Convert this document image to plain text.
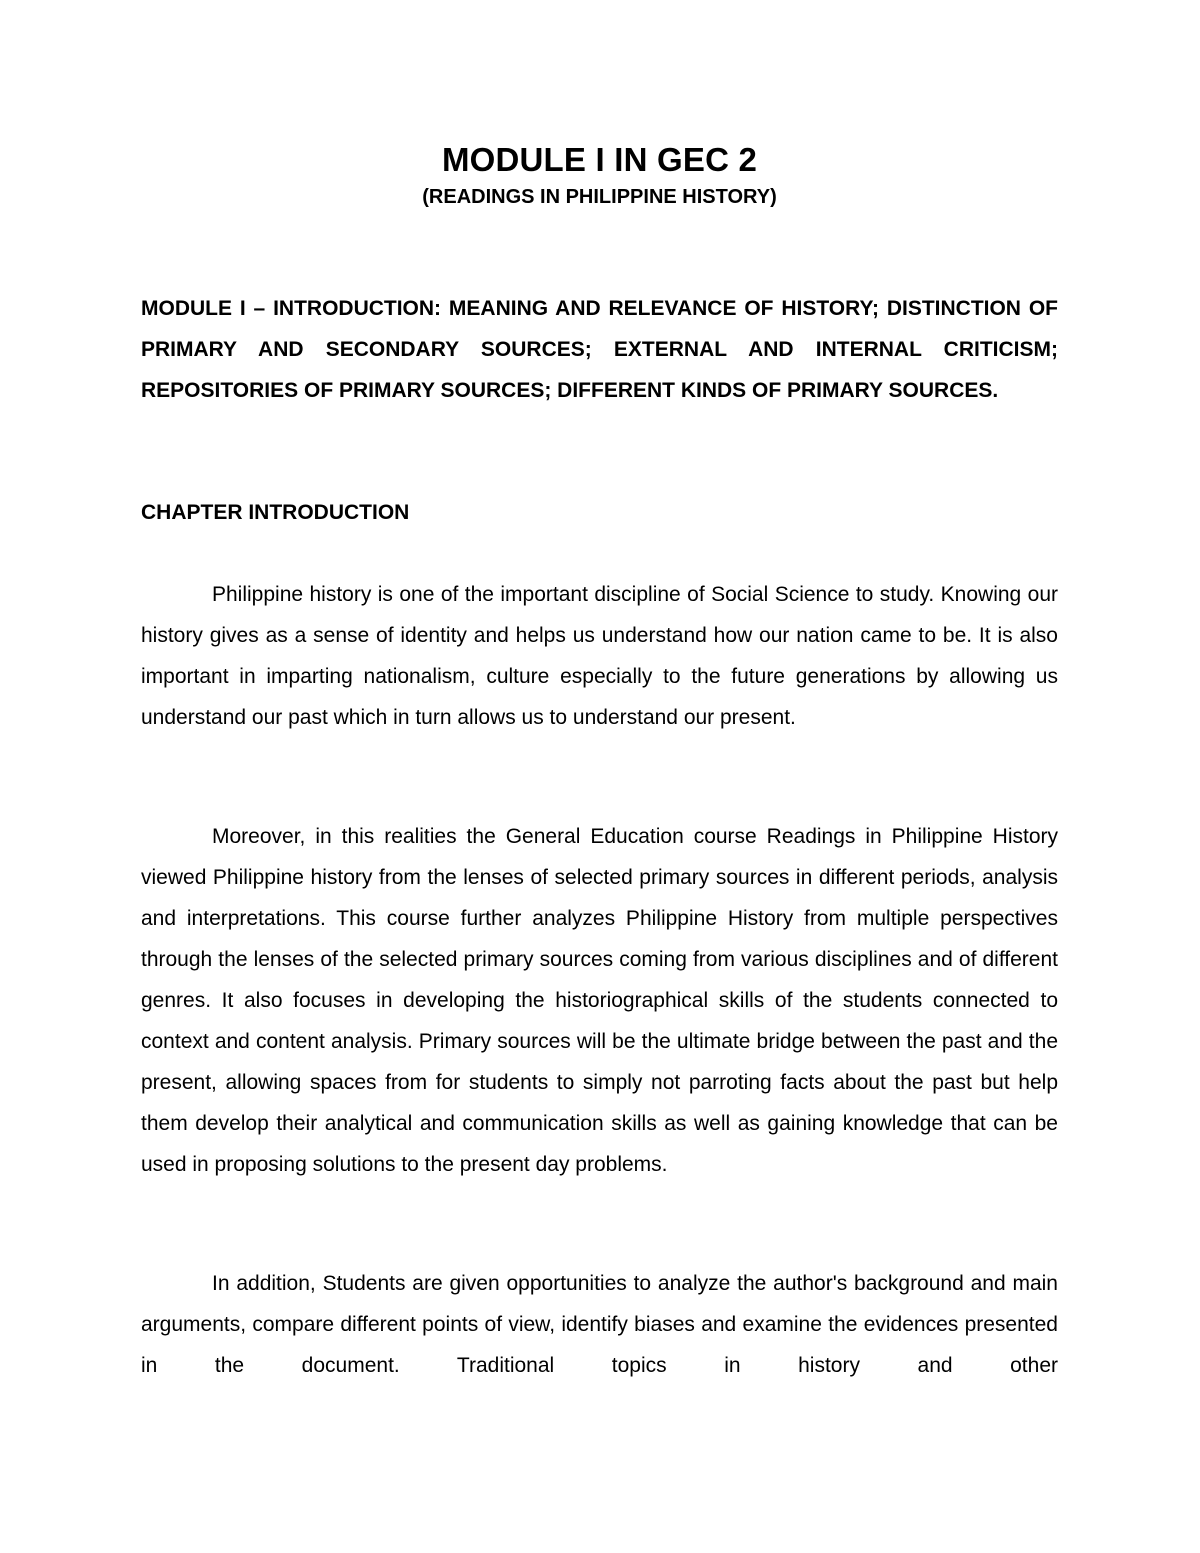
MODULE I IN GEC 2
(READINGS IN PHILIPPINE HISTORY)
MODULE I – INTRODUCTION: MEANING AND RELEVANCE OF HISTORY; DISTINCTION OF PRIMARY AND SECONDARY SOURCES; EXTERNAL AND INTERNAL CRITICISM; REPOSITORIES OF PRIMARY SOURCES; DIFFERENT KINDS OF PRIMARY SOURCES.
CHAPTER INTRODUCTION

Philippine history is one of the important discipline of Social Science to study. Knowing our history gives as a sense of identity and helps us understand how our nation came to be. It is also important in imparting nationalism, culture especially to the future generations by allowing us understand our past which in turn allows us to understand our present.

Moreover, in this realities the General Education course Readings in Philippine History viewed Philippine history from the lenses of selected primary sources in different periods, analysis and interpretations. This course further analyzes Philippine History from multiple perspectives through the lenses of the selected primary sources coming from various disciplines and of different genres. It also focuses in developing the historiographical skills of the students connected to context and content analysis. Primary sources will be the ultimate bridge between the past and the present, allowing spaces from for students to simply not parroting facts about the past but help them develop their analytical and communication skills as well as gaining knowledge that can be used in proposing solutions to the present day problems.

In addition, Students are given opportunities to analyze the author's background and main arguments, compare different points of view, identify biases and examine the evidences presented in the document. Traditional topics in history and other
